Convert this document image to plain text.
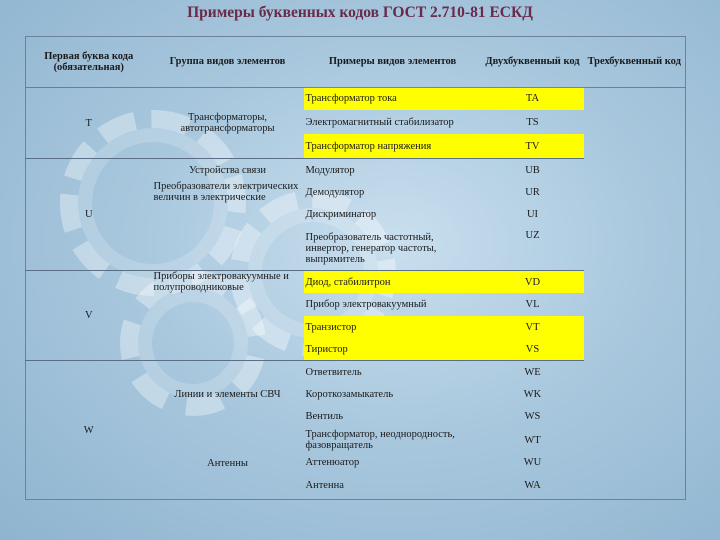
Примеры буквенных кодов ГОСТ 2.710-81 ЕСКД
Первая буква кода (обязательная)	Группа видов элементов	Примеры видов элементов	Двухбуквенный код	Трехбуквенный код
T	Трансформаторы, автотрансформаторы	Трансформатор тока	TA	
		Электромагнитный стабилизатор	TS	
		Трансформатор напряжения	TV	
U	Устройства связи	Модулятор	UB	
	Преобразователи электрических величин в электрические	Демодулятор	UR	
		Дискриминатор	UI	
		Преобразователь частотный, инвертор, генератор частоты, выпрямитель	UZ	
V	Приборы электровакуумные и полупроводниковые	Диод, стабилитрон	VD	
		Прибор электровакуумный	VL	
		Транзистор	VT	
		Тиристор	VS	
W	Линии и элементы СВЧ	Ответвитель	WE	
		Короткозамыкатель	WK	
		Вентиль	WS	
	Антенны	Трансформатор, неоднородность, фазовращатель	WT	
		Аттенюатор	WU	
		Антенна	WA	
